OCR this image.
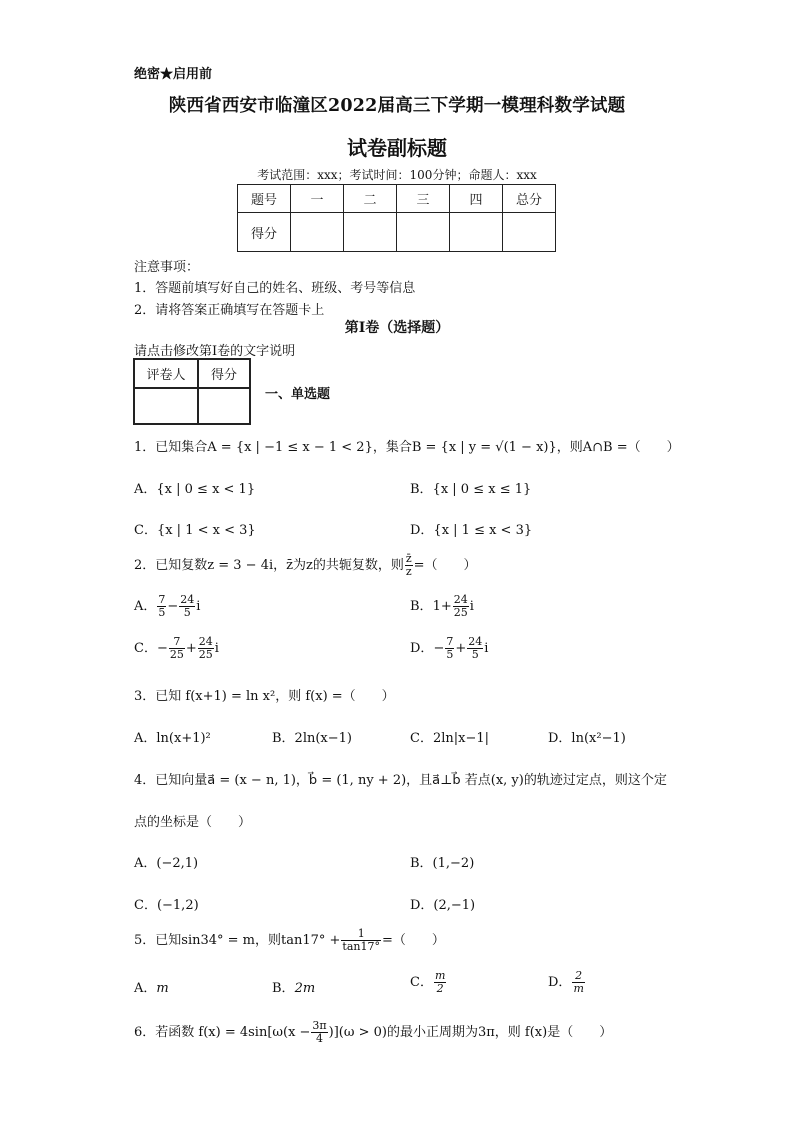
绝密★启用前
陕西省西安市临潼区2022届高三下学期一模理科数学试题
试卷副标题
考试范围：xxx；考试时间：100分钟；命题人：xxx
题号	一	二	三	四	总分
得分					
注意事项：
1．答题前填写好自己的姓名、班级、考号等信息
2．请将答案正确填写在答题卡上
第I卷（选择题）
请点击修改第I卷的文字说明
评卷人	得分

一、单选题
1．已知集合A = {x | −1 ≤ x − 1 < 2}，集合B = {x | y = √(1 − x)}，则A∩B =（　　）
A．{x | 0 ≤ x < 1}	B．{x | 0 ≤ x ≤ 1}
C．{x | 1 < x < 3}	D．{x | 1 ≤ x < 3}
2．已知复数z = 3 − 4i，z̄为z的共轭复数，则 $\frac{z̄}{z}$ =（　　）
A． $\frac{7}{5} - \frac{24}{5}$ i	B．$1+ \frac{24}{25}$ i
C．− $\frac{7}{25} + \frac{24}{25}$ i	D．− $\frac{7}{5} + \frac{24}{5}$ i
3．已知 f(x+1) = ln x²，则 f(x) =（　　）
A．ln(x+1)²	B．2ln(x−1)	C．2ln|x−1|	D．ln(x²−1)
4．已知向量a⃗ = (x − n, 1)，b⃗ = (1, ny + 2)，且a⃗⊥b⃗ 若点(x, y)的轨迹过定点，则这个定
点的坐标是（　　）
A．(−2,1)	B．(1,−2)
C．(−1,2)	D．(2,−1)
5．已知sin34° = m，则$\tan 17^\circ + \frac{1}{\tan 17^\circ}$ =（　　）
A．m	B．2m	C． $\frac{m}{2}$	D． $\frac{2}{m}$
6．若函数 $f(x) = 4\sin[\omega(x - \frac{3\pi}{4} )](\omega > 0)$的最小正周期为3π，则 f(x)是（　　）
